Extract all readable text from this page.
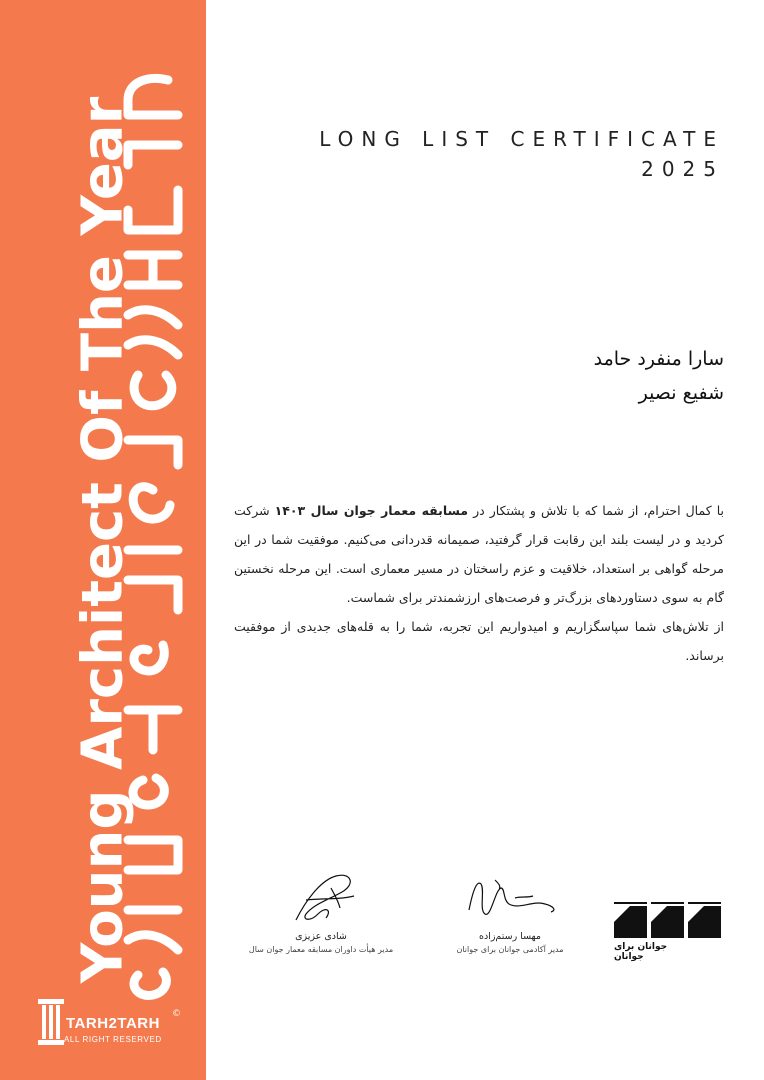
Young Architect Of The Year
TARH2TARH
ALL RIGHT RESERVED
©
LONG LIST CERTIFICATE
2025
سارا منفرد حامد
شفیع نصیر

با کمال احترام، از شما که با تلاش و پشتکار در مسابقه معمار جوان سال ۱۴۰۳ شرکت کردید و در لیست بلند این رقابت قرار گرفتید، صمیمانه قدردانی می‌کنیم. موفقیت شما در این مرحله گواهی بر استعداد، خلاقیت و عزم راسختان در مسیر معماری است. این مرحله نخستین گام به سوی دستاوردهای بزرگ‌تر و فرصت‌های ارزشمندتر برای شماست.

از تلاش‌های شما سپاسگزاریم و امیدواریم این تجربه، شما را به قله‌های جدیدی از موفقیت برساند.

شادی عزیزی
مدیر هیأت داوران مسابقه معمار جوان سال
مهسا رستم‌زاده
مدیر آکادمی جوانان برای جوانان	جوانان برای جوانان
